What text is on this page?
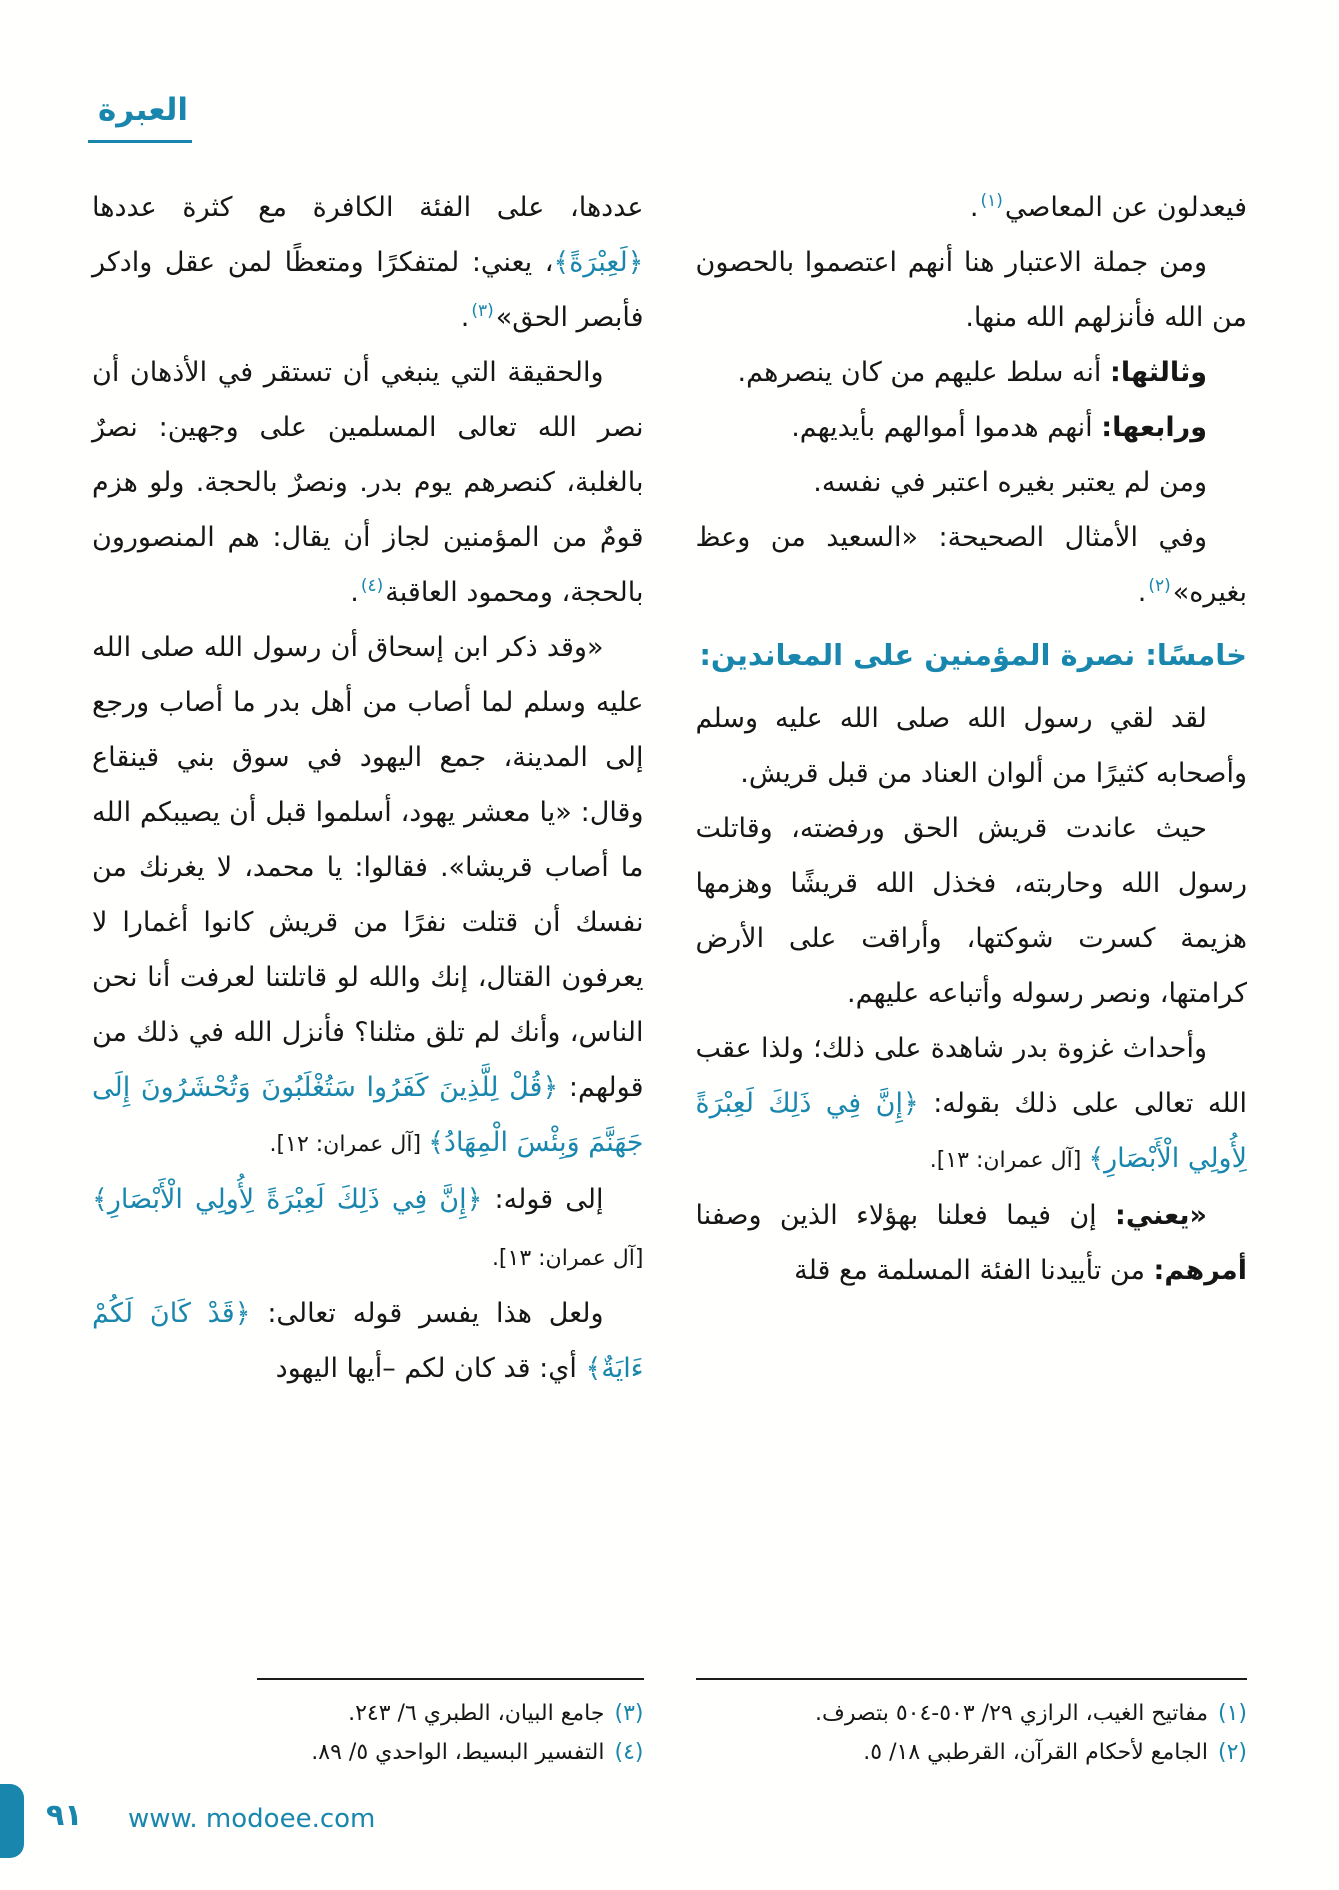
العبرة

فيعدلون عن المعاصي$^{(١)}$.

ومن جملة الاعتبار هنا أنهم اعتصموا بالحصون من الله فأنزلهم الله منها.

وثالثها: أنه سلط عليهم من كان ينصرهم.

ورابعها: أنهم هدموا أموالهم بأيديهم.

ومن لم يعتبر بغيره اعتبر في نفسه.

وفي الأمثال الصحيحة: «السعيد من وعظ بغيره»$^{(٢)}$.

خامسًا: نصرة المؤمنين على المعاندين:

لقد لقي رسول الله صلى الله عليه وسلم وأصحابه كثيرًا من ألوان العناد من قبل قريش.

حيث عاندت قريش الحق ورفضته، وقاتلت رسول الله وحاربته، فخذل الله قريشًا وهزمها هزيمة كسرت شوكتها، وأراقت على الأرض كرامتها، ونصر رسوله وأتباعه عليهم.

وأحداث غزوة بدر شاهدة على ذلك؛ ولذا عقب الله تعالى على ذلك بقوله: ﴿إِنَّ فِي ذَلِكَ لَعِبْرَةً لِأُولِي الْأَبْصَارِ﴾ [آل عمران: ١٣].

«يعني: إن فيما فعلنا بهؤلاء الذين وصفنا أمرهم: من تأييدنا الفئة المسلمة مع قلة

(١)
مفاتيح الغيب، الرازي ٢٩/ ٥٠٣-٥٠٤ بتصرف.
(٢)
الجامع لأحكام القرآن، القرطبي ١٨/ ٥.

عددها، على الفئة الكافرة مع كثرة عددها ﴿لَعِبْرَةً﴾، يعني: لمتفكرًا ومتعظًا لمن عقل وادكر فأبصر الحق»$^{(٣)}$.

والحقيقة التي ينبغي أن تستقر في الأذهان أن نصر الله تعالى المسلمين على وجهين: نصرٌ بالغلبة، كنصرهم يوم بدر. ونصرٌ بالحجة. ولو هزم قومٌ من المؤمنين لجاز أن يقال: هم المنصورون بالحجة، ومحمود العاقبة$^{(٤)}$.

«وقد ذكر ابن إسحاق أن رسول الله صلى الله عليه وسلم لما أصاب من أهل بدر ما أصاب ورجع إلى المدينة، جمع اليهود في سوق بني قينقاع وقال: «يا معشر يهود، أسلموا قبل أن يصيبكم الله ما أصاب قريشا». فقالوا: يا محمد، لا يغرنك من نفسك أن قتلت نفرًا من قريش كانوا أغمارا لا يعرفون القتال، إنك والله لو قاتلتنا لعرفت أنا نحن الناس، وأنك لم تلق مثلنا؟ فأنزل الله في ذلك من قولهم: ﴿قُلْ لِلَّذِينَ كَفَرُوا سَتُغْلَبُونَ وَتُحْشَرُونَ إِلَى جَهَنَّمَ وَبِئْسَ الْمِهَادُ﴾ [آل عمران: ١٢].

إلى قوله: ﴿إِنَّ فِي ذَلِكَ لَعِبْرَةً لِأُولِي الْأَبْصَارِ﴾ [آل عمران: ١٣].

ولعل هذا يفسر قوله تعالى: ﴿قَدْ كَانَ لَكُمْ ءَايَةٌ﴾ أي: قد كان لكم –أيها اليهود

(٣)
جامع البيان، الطبري ٦/ ٢٤٣.
(٤)
التفسير البسيط، الواحدي ٥/ ٨٩.
٩١ www. modoee.com
